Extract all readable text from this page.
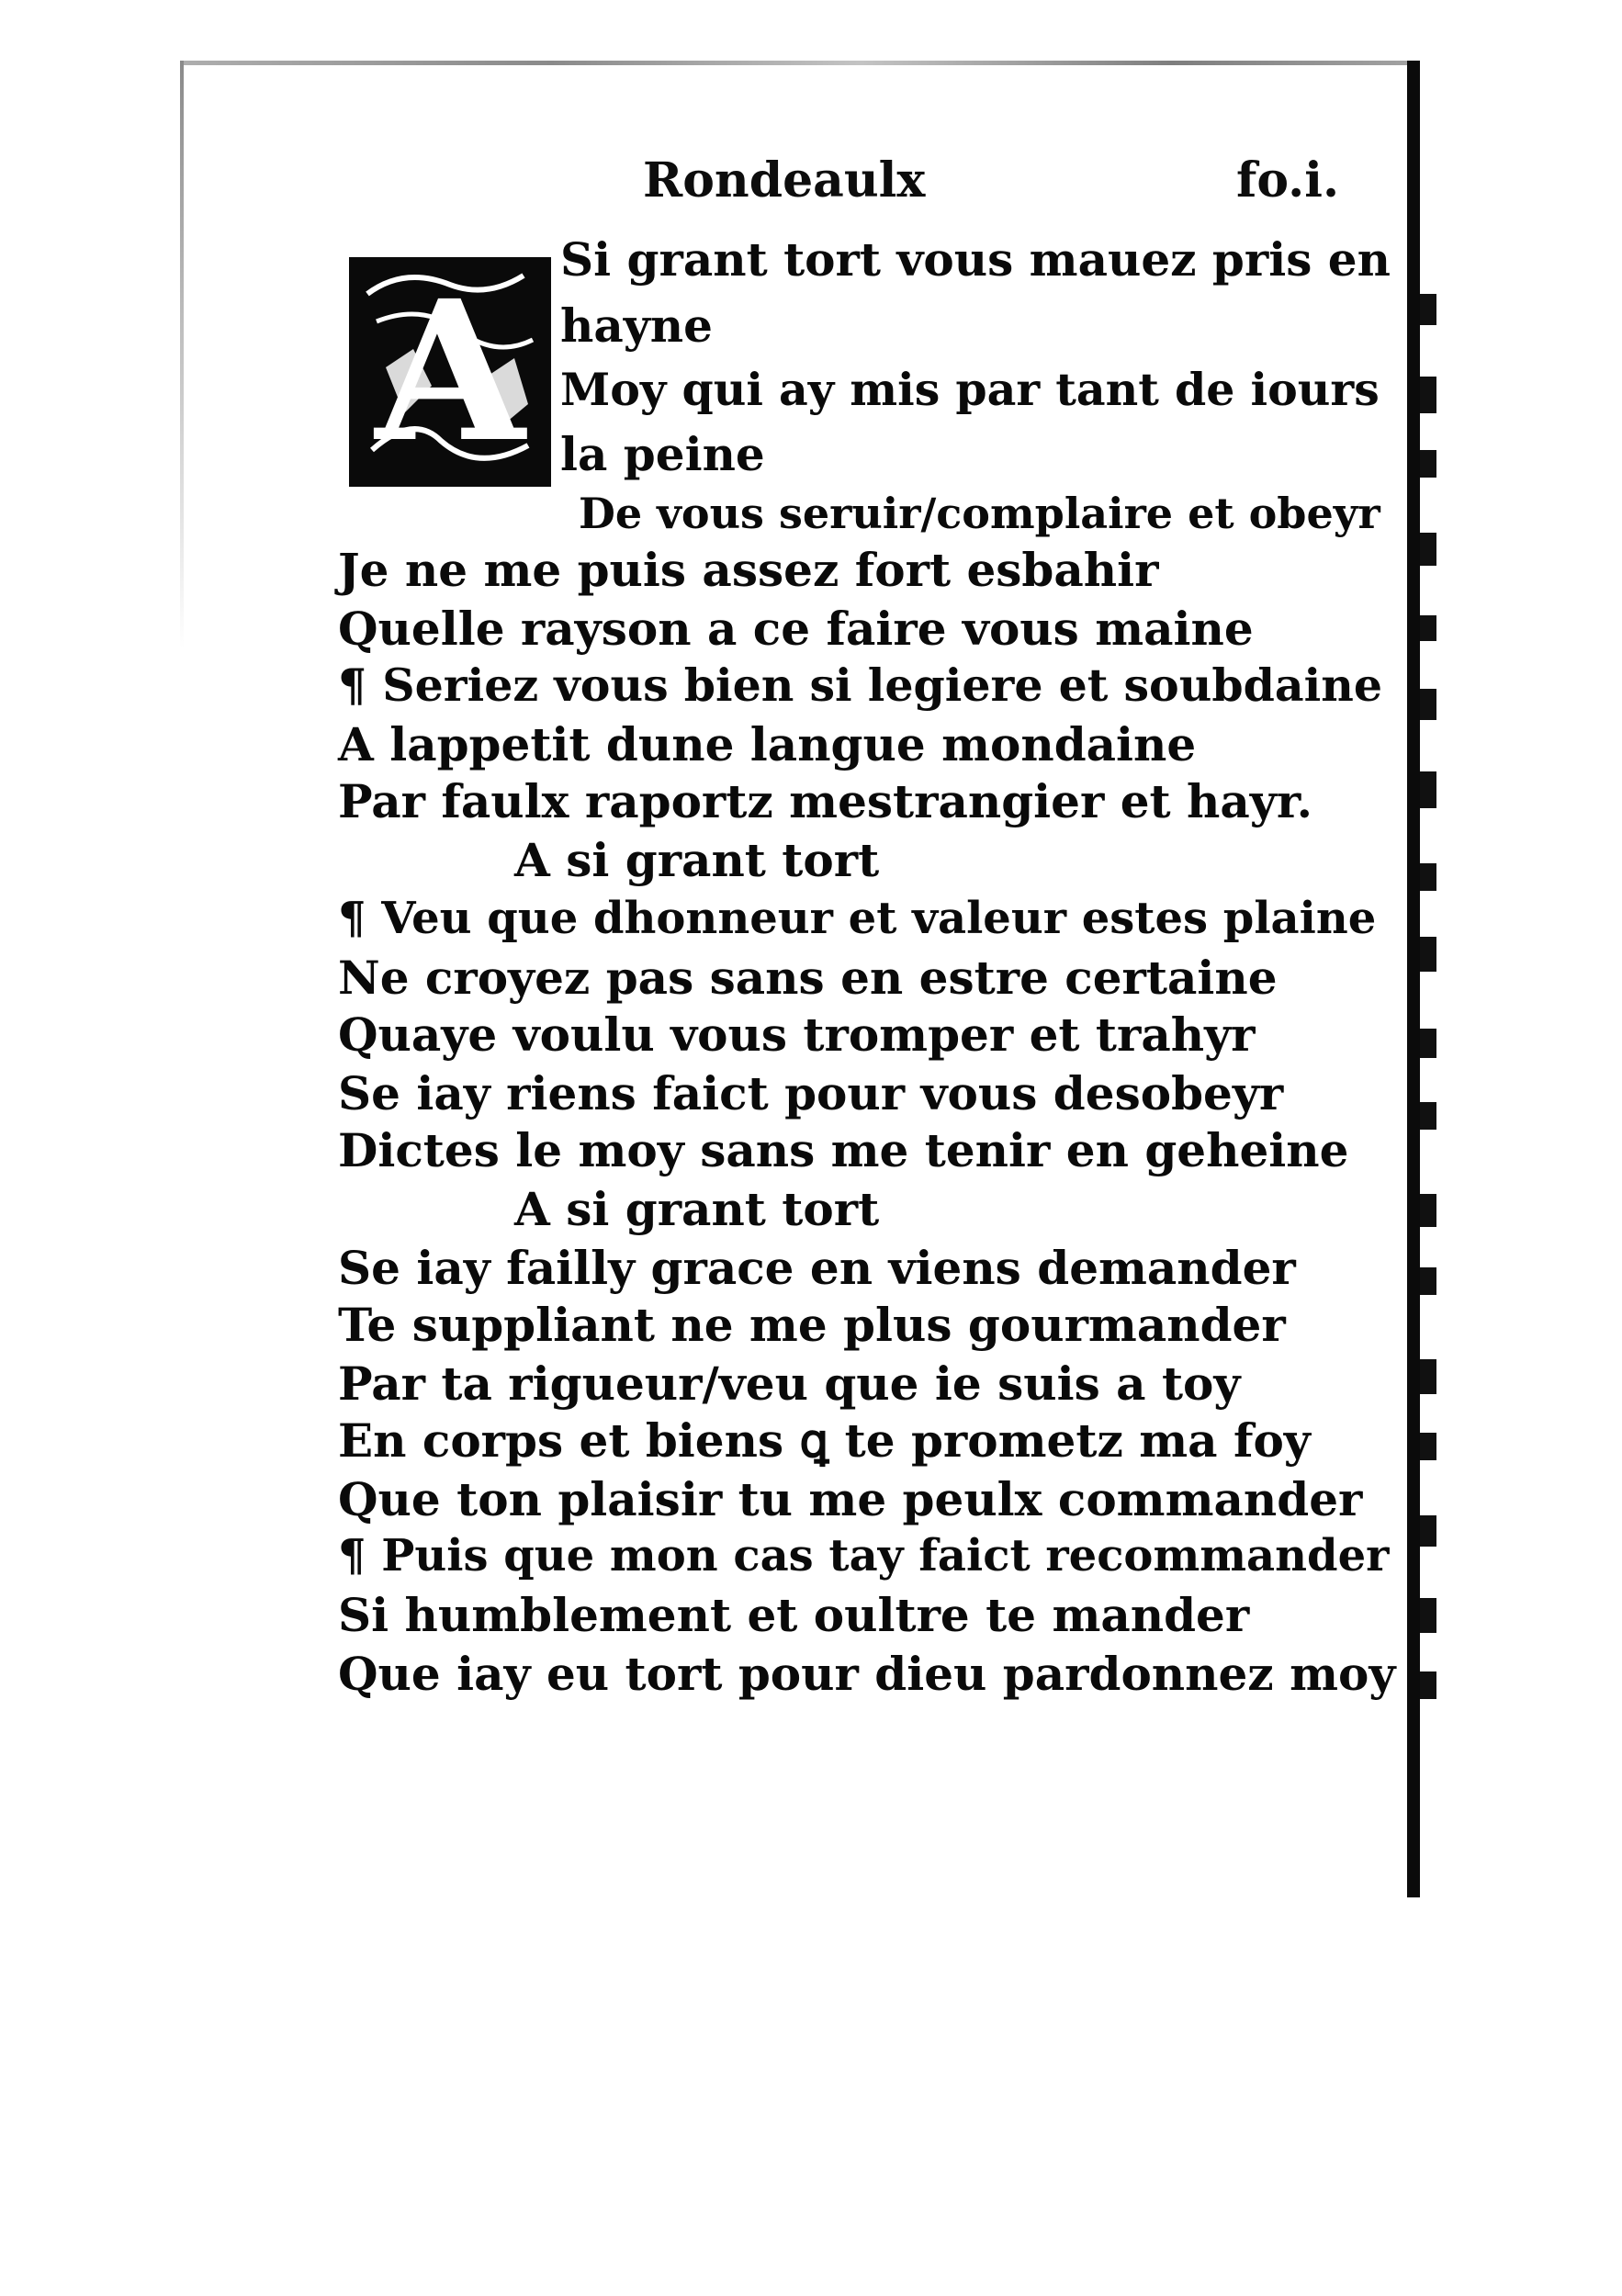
Rondeaulx	fo.i.
A Si grant tort vous mauez pris en
hayne
Moy qui ay mis par tant de iours
la peine
De vous seruir/complaire et obeyr
Je ne me puis assez fort esbahir
Quelle rayson a ce faire vous maine
¶ Seriez vous bien si legiere et soubdaine
A lappetit dune langue mondaine
Par faulx raportz mestrangier et hayr.
A si grant tort
¶ Veu que dhonneur et valeur estes plaine
Ne croyez pas sans en estre certaine
Quaye voulu vous tromper et trahyr
Se iay riens faict pour vous desobeyr
Dictes le moy sans me tenir en geheine
A si grant tort
Se iay failly grace en viens demander
Te suppliant ne me plus gourmander
Par ta rigueur/veu que ie suis a toy
En corps et biens ꝗ te prometz ma foy
Que ton plaisir tu me peulx commander
¶ Puis que mon cas tay faict recommander
Si humblement et oultre te mander
Que iay eu tort pour dieu pardonnez moy
